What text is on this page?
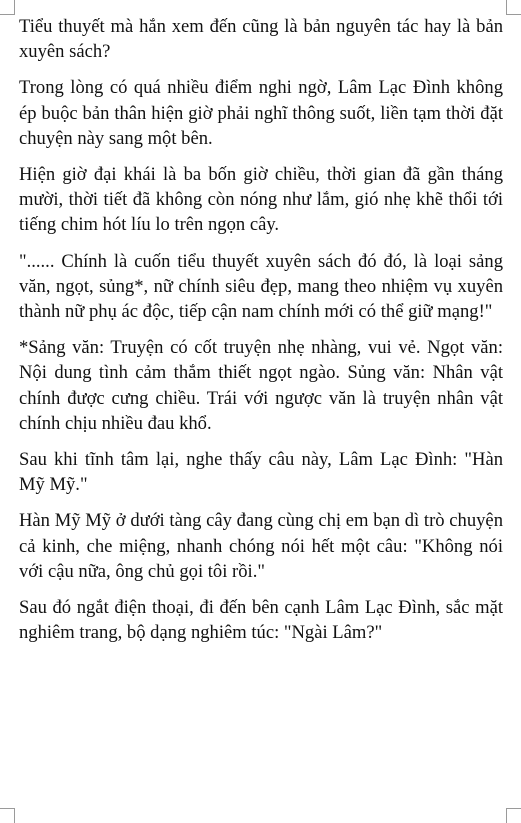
Tiểu thuyết mà hắn xem đến cũng là bản nguyên tác hay là bản xuyên sách?

Trong lòng có quá nhiều điểm nghi ngờ, Lâm Lạc Đình không ép buộc bản thân hiện giờ phải nghĩ thông suốt, liền tạm thời đặt chuyện này sang một bên.

Hiện giờ đại khái là ba bốn giờ chiều, thời gian đã gần tháng mười, thời tiết đã không còn nóng như lắm, gió nhẹ khẽ thổi tới tiếng chim hót líu lo trên ngọn cây.

"...... Chính là cuốn tiểu thuyết xuyên sách đó đó, là loại sảng văn, ngọt, sủng*, nữ chính siêu đẹp, mang theo nhiệm vụ xuyên thành nữ phụ ác độc, tiếp cận nam chính mới có thể giữ mạng!"

*Sảng văn: Truyện có cốt truyện nhẹ nhàng, vui vẻ. Ngọt văn: Nội dung tình cảm thắm thiết ngọt ngào. Sủng văn: Nhân vật chính được cưng chiều. Trái với ngược văn là truyện nhân vật chính chịu nhiều đau khổ.

Sau khi tĩnh tâm lại, nghe thấy câu này, Lâm Lạc Đình: "Hàn Mỹ Mỹ."

Hàn Mỹ Mỹ ở dưới tàng cây đang cùng chị em bạn dì trò chuyện cả kinh, che miệng, nhanh chóng nói hết một câu: "Không nói với cậu nữa, ông chủ gọi tôi rồi."

Sau đó ngắt điện thoại, đi đến bên cạnh Lâm Lạc Đình, sắc mặt nghiêm trang, bộ dạng nghiêm túc: "Ngài Lâm?"
